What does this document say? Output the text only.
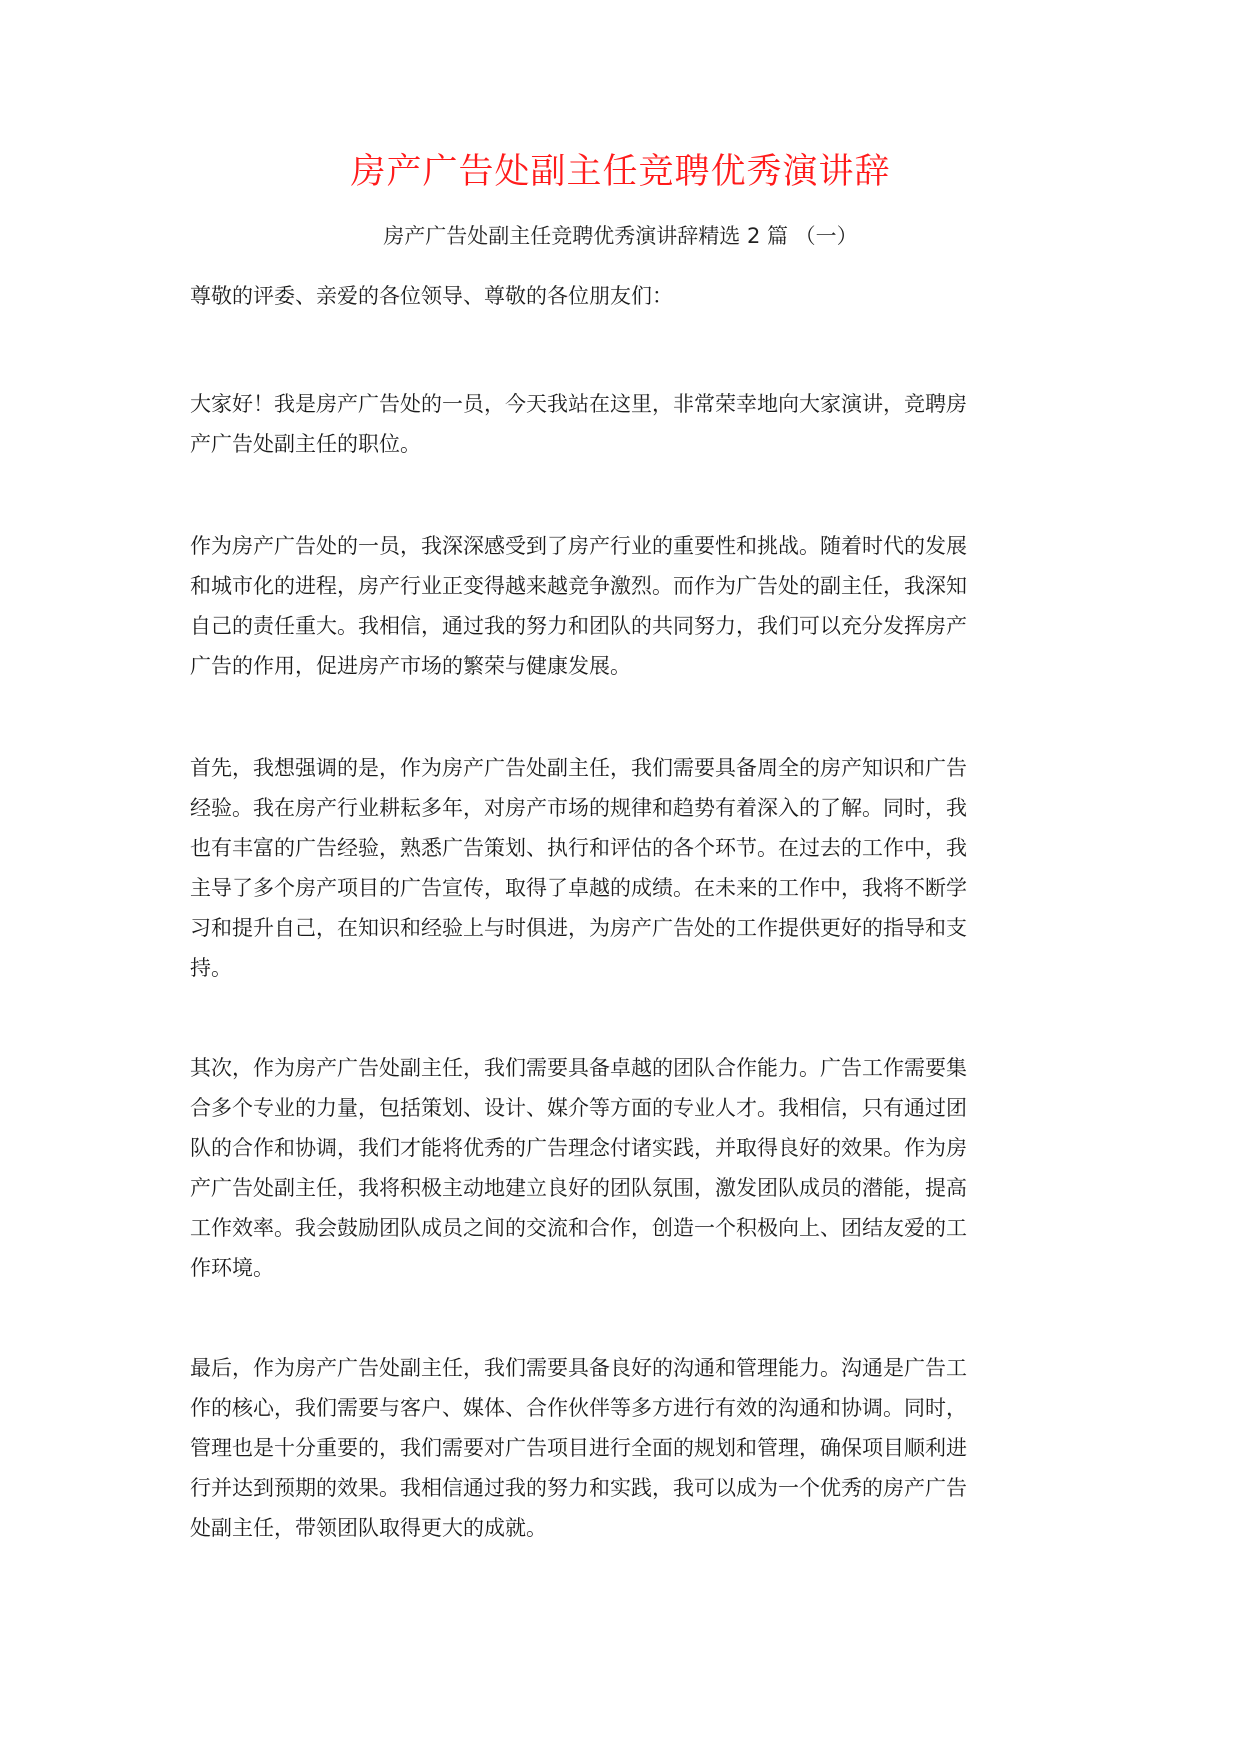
房产广告处副主任竞聘优秀演讲辞
房产广告处副主任竞聘优秀演讲辞精选 2 篇 （一）
尊敬的评委、亲爱的各位领导、尊敬的各位朋友们：
大家好！我是房产广告处的一员，今天我站在这里，非常荣幸地向大家演讲，竞聘房
产广告处副主任的职位。
作为房产广告处的一员，我深深感受到了房产行业的重要性和挑战。随着时代的发展
和城市化的进程，房产行业正变得越来越竞争激烈。而作为广告处的副主任，我深知
自己的责任重大。我相信，通过我的努力和团队的共同努力，我们可以充分发挥房产
广告的作用，促进房产市场的繁荣与健康发展。
首先，我想强调的是，作为房产广告处副主任，我们需要具备周全的房产知识和广告
经验。我在房产行业耕耘多年，对房产市场的规律和趋势有着深入的了解。同时，我
也有丰富的广告经验，熟悉广告策划、执行和评估的各个环节。在过去的工作中，我
主导了多个房产项目的广告宣传，取得了卓越的成绩。在未来的工作中，我将不断学
习和提升自己，在知识和经验上与时俱进，为房产广告处的工作提供更好的指导和支
持。
其次，作为房产广告处副主任，我们需要具备卓越的团队合作能力。广告工作需要集
合多个专业的力量，包括策划、设计、媒介等方面的专业人才。我相信，只有通过团
队的合作和协调，我们才能将优秀的广告理念付诸实践，并取得良好的效果。作为房
产广告处副主任，我将积极主动地建立良好的团队氛围，激发团队成员的潜能，提高
工作效率。我会鼓励团队成员之间的交流和合作，创造一个积极向上、团结友爱的工
作环境。
最后，作为房产广告处副主任，我们需要具备良好的沟通和管理能力。沟通是广告工
作的核心，我们需要与客户、媒体、合作伙伴等多方进行有效的沟通和协调。同时，
管理也是十分重要的，我们需要对广告项目进行全面的规划和管理，确保项目顺利进
行并达到预期的效果。我相信通过我的努力和实践，我可以成为一个优秀的房产广告
处副主任，带领团队取得更大的成就。
